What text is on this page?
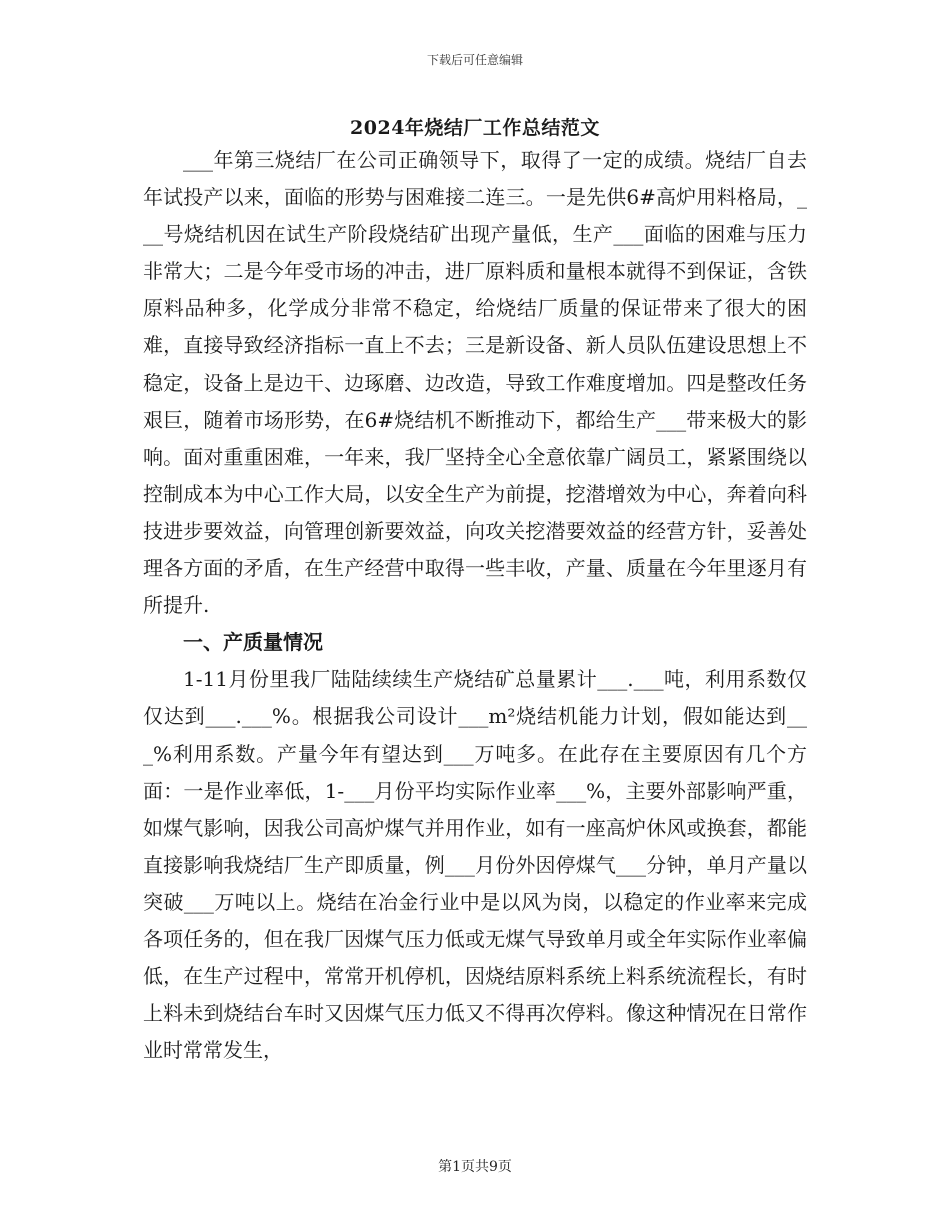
下载后可任意编辑
2024年烧结厂工作总结范文

___年第三烧结厂在公司正确领导下，取得了一定的成绩。烧结厂自去年试投产以来，面临的形势与困难接二连三。一是先供6#高炉用料格局，___号烧结机因在试生产阶段烧结矿出现产量低，生产___面临的困难与压力非常大；二是今年受市场的冲击，进厂原料质和量根本就得不到保证，含铁原料品种多，化学成分非常不稳定，给烧结厂质量的保证带来了很大的困难，直接导致经济指标一直上不去；三是新设备、新人员队伍建设思想上不稳定，设备上是边干、边琢磨、边改造，导致工作难度增加。四是整改任务艰巨，随着市场形势，在6#烧结机不断推动下，都给生产___带来极大的影响。面对重重困难，一年来，我厂坚持全心全意依靠广阔员工，紧紧围绕以控制成本为中心工作大局，以安全生产为前提，挖潜增效为中心，奔着向科技进步要效益，向管理创新要效益，向攻关挖潜要效益的经营方针，妥善处理各方面的矛盾，在生产经营中取得一些丰收，产量、质量在今年里逐月有所提升.

一、产质量情况

1-11月份里我厂陆陆续续生产烧结矿总量累计___.___吨，利用系数仅仅达到___.___%。根据我公司设计___m²烧结机能力计划，假如能达到___%利用系数。产量今年有望达到___万吨多。在此存在主要原因有几个方面：一是作业率低，1-___月份平均实际作业率___%，主要外部影响严重，如煤气影响，因我公司高炉煤气并用作业，如有一座高炉休风或换套，都能直接影响我烧结厂生产即质量，例___月份外因停煤气___分钟，单月产量以突破___万吨以上。烧结在冶金行业中是以风为岗，以稳定的作业率来完成各项任务的，但在我厂因煤气压力低或无煤气导致单月或全年实际作业率偏低，在生产过程中，常常开机停机，因烧结原料系统上料系统流程长，有时上料未到烧结台车时又因煤气压力低又不得再次停料。像这种情况在日常作业时常常发生，

第1页共9页
